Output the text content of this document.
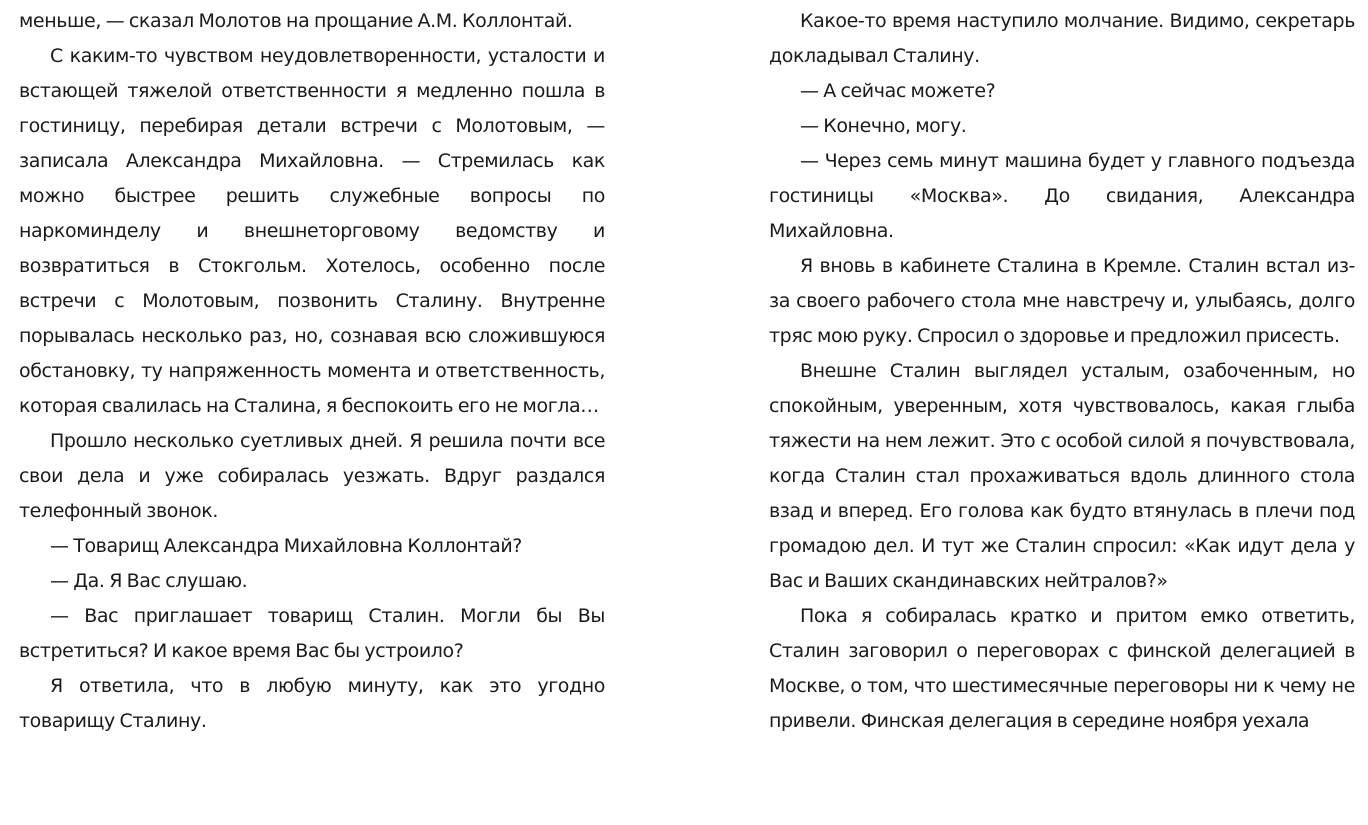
меньше, — сказал Молотов на прощание А.М. Коллонтай.

С каким-то чувством неудовлетворенности, усталости и встающей тяжелой ответственности я медленно пошла в гостиницу, перебирая детали встречи с Молотовым, — записала Александра Михайловна. — Стремилась как можно быстрее решить служебные вопросы по наркоминделу и внешнеторговому ведомству и возвратиться в Стокгольм. Хотелось, особенно после встречи с Молотовым, позвонить Сталину. Внутренне порывалась несколько раз, но, сознавая всю сложившуюся обстановку, ту напряженность момента и ответственность, которая свалилась на Сталина, я беспокоить его не могла…

Прошло несколько суетливых дней. Я решила почти все свои дела и уже собиралась уезжать. Вдруг раздался телефонный звонок.

— Товарищ Александра Михайловна Коллонтай?

— Да. Я Вас слушаю.

— Вас приглашает товарищ Сталин. Могли бы Вы встретиться? И какое время Вас бы устроило?

Я ответила, что в любую минуту, как это угодно товарищу Сталину.

Какое-то время наступило молчание. Видимо, секретарь докладывал Сталину.

— А сейчас можете?

— Конечно, могу.

— Через семь минут машина будет у главного подъезда гостиницы «Москва». До свидания, Александра Михайловна.

Я вновь в кабинете Сталина в Кремле. Сталин встал из-за своего рабочего стола мне навстречу и, улыбаясь, долго тряс мою руку. Спросил о здоровье и предложил присесть.

Внешне Сталин выглядел усталым, озабоченным, но спокойным, уверенным, хотя чувствовалось, какая глыба тяжести на нем лежит. Это с особой силой я почувствовала, когда Сталин стал прохаживаться вдоль длинного стола взад и вперед. Его голова как будто втянулась в плечи под громадою дел. И тут же Сталин спросил: «Как идут дела у Вас и Ваших скандинавских нейтралов?»

Пока я собиралась кратко и притом емко ответить, Сталин заговорил о переговорах с финской делегацией в Москве, о том, что шестимесячные переговоры ни к чему не привели. Финская делегация в середине ноября уехала
